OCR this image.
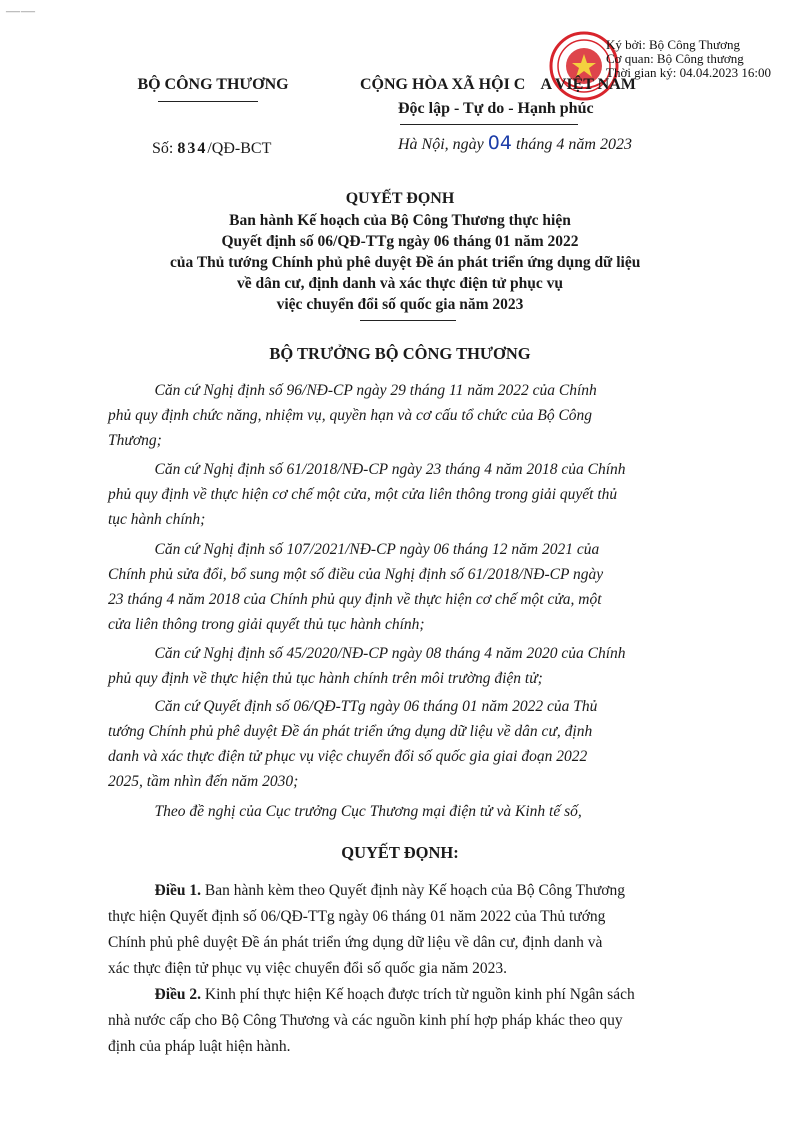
——
Ký bởi: Bộ Công Thương
Cơ quan: Bộ Công thương
Thời gian ký: 04.04.2023 16:00
BỘ CÔNG THƯƠNG	CỘNG HÒA XÃ HỘI C    A VIỆT NAM
Độc lập - Tự do - Hạnh phúc
Số: 834/QĐ-BCT	Hà Nội, ngày 04 tháng 4 năm 2023
QUYẾT ĐỌNH
Ban hành Kế hoạch của Bộ Công Thương thực hiện
Quyết định số 06/QĐ-TTg ngày 06 tháng 01 năm 2022
của Thủ tướng Chính phủ phê duyệt Đề án phát triển ứng dụng dữ liệu
về dân cư, định danh và xác thực điện tử phục vụ
việc chuyển đổi số quốc gia năm 2023
BỘ TRƯỞNG BỘ CÔNG THƯƠNG
Căn cứ Nghị định số 96/NĐ-CP ngày 29 tháng 11 năm 2022 của Chính
phủ quy định chức năng, nhiệm vụ, quyền hạn và cơ cấu tổ chức của Bộ Công
Thương;
Căn cứ Nghị định số 61/2018/NĐ-CP ngày 23 tháng 4 năm 2018 của Chính
phủ quy định về thực hiện cơ chế một cửa, một cửa liên thông trong giải quyết thủ
tục hành chính;
Căn cứ Nghị định số 107/2021/NĐ-CP ngày 06 tháng 12 năm 2021 của
Chính phủ sửa đổi, bổ sung một số điều của Nghị định số 61/2018/NĐ-CP ngày
23 tháng 4 năm 2018 của Chính phủ quy định về thực hiện cơ chế một cửa, một
cửa liên thông trong giải quyết thủ tục hành chính;
Căn cứ Nghị định số 45/2020/NĐ-CP ngày 08 tháng 4 năm 2020 của Chính
phủ quy định về thực hiện thủ tục hành chính trên môi trường điện tử;
Căn cứ Quyết định số 06/QĐ-TTg ngày 06 tháng 01 năm 2022 của Thủ
tướng Chính phủ phê duyệt Đề án phát triển ứng dụng dữ liệu về dân cư, định
danh và xác thực điện tử phục vụ việc chuyển đổi số quốc gia giai đoạn 2022
2025, tầm nhìn đến năm 2030;
Theo đề nghị của Cục trưởng Cục Thương mại điện tử và Kinh tế số,
QUYẾT ĐỌNH:
Điều 1. Ban hành kèm theo Quyết định này Kế hoạch của Bộ Công Thương
thực hiện Quyết định số 06/QĐ-TTg ngày 06 tháng 01 năm 2022 của Thủ tướng
Chính phủ phê duyệt Đề án phát triển ứng dụng dữ liệu về dân cư, định danh và
xác thực điện tử phục vụ việc chuyển đổi số quốc gia năm 2023.
Điều 2. Kinh phí thực hiện Kế hoạch được trích từ nguồn kinh phí Ngân sách
nhà nước cấp cho Bộ Công Thương và các nguồn kinh phí hợp pháp khác theo quy
định của pháp luật hiện hành.
